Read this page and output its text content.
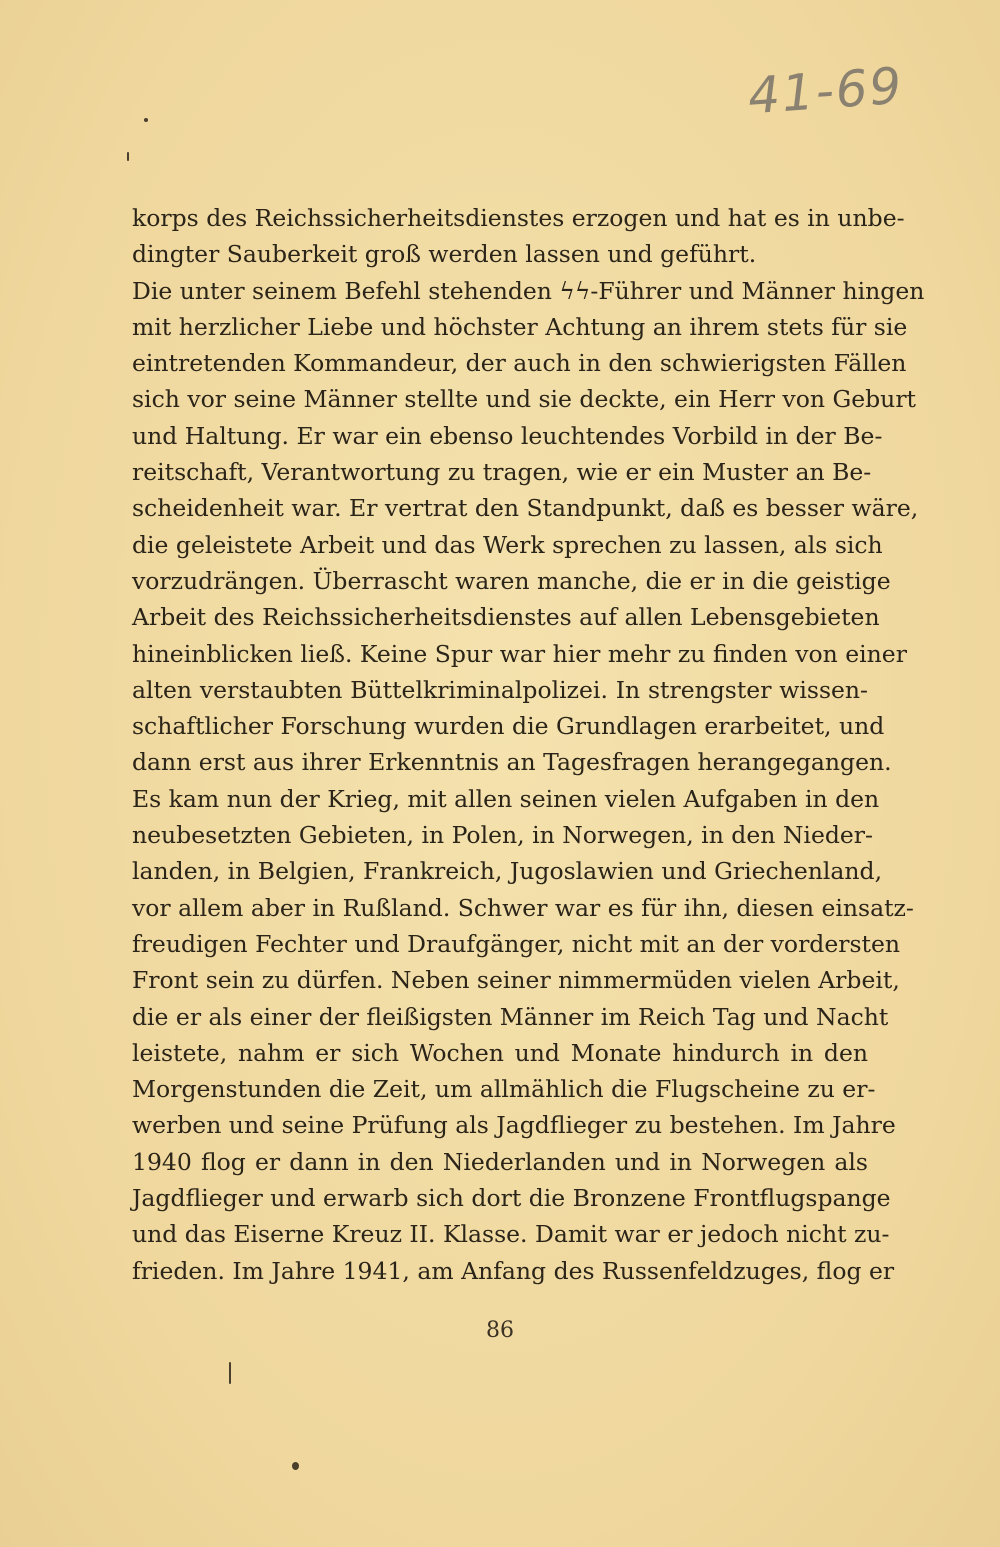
41-69
korps des Reichssicherheitsdienstes erzogen und hat es in unbe-
dingter Sauberkeit groß werden lassen und geführt.
Die unter seinem Befehl stehenden ϟϟ-Führer und Männer hingen
mit herzlicher Liebe und höchster Achtung an ihrem stets für sie
eintretenden Kommandeur, der auch in den schwierigsten Fällen
sich vor seine Männer stellte und sie deckte, ein Herr von Geburt
und Haltung. Er war ein ebenso leuchtendes Vorbild in der Be-
reitschaft, Verantwortung zu tragen, wie er ein Muster an Be-
scheidenheit war. Er vertrat den Standpunkt, daß es besser wäre,
die geleistete Arbeit und das Werk sprechen zu lassen, als sich
vorzudrängen. Überrascht waren manche, die er in die geistige
Arbeit des Reichssicherheitsdienstes auf allen Lebensgebieten
hineinblicken ließ. Keine Spur war hier mehr zu finden von einer
alten verstaubten Büttelkriminalpolizei. In strengster wissen-
schaftlicher Forschung wurden die Grundlagen erarbeitet, und
dann erst aus ihrer Erkenntnis an Tagesfragen herangegangen.
Es kam nun der Krieg, mit allen seinen vielen Aufgaben in den
neubesetzten Gebieten, in Polen, in Norwegen, in den Nieder-
landen, in Belgien, Frankreich, Jugoslawien und Griechenland,
vor allem aber in Rußland. Schwer war es für ihn, diesen einsatz-
freudigen Fechter und Draufgänger, nicht mit an der vordersten
Front sein zu dürfen. Neben seiner nimmermüden vielen Arbeit,
die er als einer der fleißigsten Männer im Reich Tag und Nacht
leistete, nahm er sich Wochen und Monate hindurch in den
Morgenstunden die Zeit, um allmählich die Flugscheine zu er-
werben und seine Prüfung als Jagdflieger zu bestehen. Im Jahre
1940 flog er dann in den Niederlanden und in Norwegen als
Jagdflieger und erwarb sich dort die Bronzene Frontflugspange
und das Eiserne Kreuz II. Klasse. Damit war er jedoch nicht zu-
frieden. Im Jahre 1941, am Anfang des Russenfeldzuges, flog er
86
